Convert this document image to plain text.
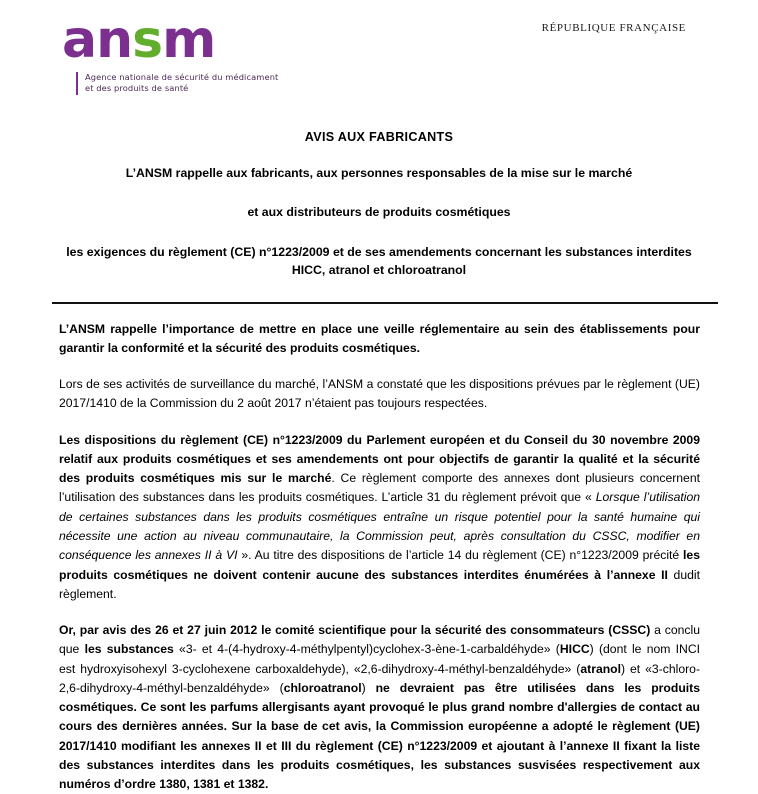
ansm
Agence nationale de sécurité du médicament
et des produits de santé
RÉPUBLIQUE FRANÇAISE
AVIS AUX FABRICANTS
L’ANSM rappelle aux fabricants, aux personnes responsables de la mise sur le marché
et aux distributeurs de produits cosmétiques
les exigences du règlement (CE) n°1223/2009 et de ses amendements concernant les substances interdites HICC, atranol et chloroatranol

L’ANSM rappelle l’importance de mettre en place une veille réglementaire au sein des établissements pour garantir la conformité et la sécurité des produits cosmétiques.

Lors de ses activités de surveillance du marché, l’ANSM a constaté que les dispositions prévues par le règlement (UE) 2017/1410 de la Commission du 2 août 2017 n’étaient pas toujours respectées.

Les dispositions du règlement (CE) n°1223/2009 du Parlement européen et du Conseil du 30 novembre 2009 relatif aux produits cosmétiques et ses amendements ont pour objectifs de garantir la qualité et la sécurité des produits cosmétiques mis sur le marché. Ce règlement comporte des annexes dont plusieurs concernent l’utilisation des substances dans les produits cosmétiques. L’article 31 du règlement prévoit que « Lorsque l’utilisation de certaines substances dans les produits cosmétiques entraîne un risque potentiel pour la santé humaine qui nécessite une action au niveau communautaire, la Commission peut, après consultation du CSSC, modifier en conséquence les annexes II à VI ». Au titre des dispositions de l’article 14 du règlement (CE) n°1223/2009 précité les produits cosmétiques ne doivent contenir aucune des substances interdites énumérées à l’annexe II dudit règlement.

Or, par avis des 26 et 27 juin 2012 le comité scientifique pour la sécurité des consommateurs (CSSC) a conclu que les substances «3- et 4-(4-hydroxy-4-méthylpentyl)cyclohex-3-ène-1-carbaldéhyde» (HICC) (dont le nom INCI est hydroxyisohexyl 3-cyclohexene carboxaldehyde), «2,6-dihydroxy-4-méthyl-benzaldéhyde» (atranol) et «3-chloro-2,6-dihydroxy-4-méthyl-benzaldéhyde» (chloroatranol) ne devraient pas être utilisées dans les produits cosmétiques. Ce sont les parfums allergisants ayant provoqué le plus grand nombre d'allergies de contact au cours des dernières années. Sur la base de cet avis, la Commission européenne a adopté le règlement (UE) 2017/1410 modifiant les annexes II et III du règlement (CE) n°1223/2009 et ajoutant à l’annexe II fixant la liste des substances interdites dans les produits cosmétiques, les substances susvisées respectivement aux numéros d’ordre 1380, 1381 et 1382.
